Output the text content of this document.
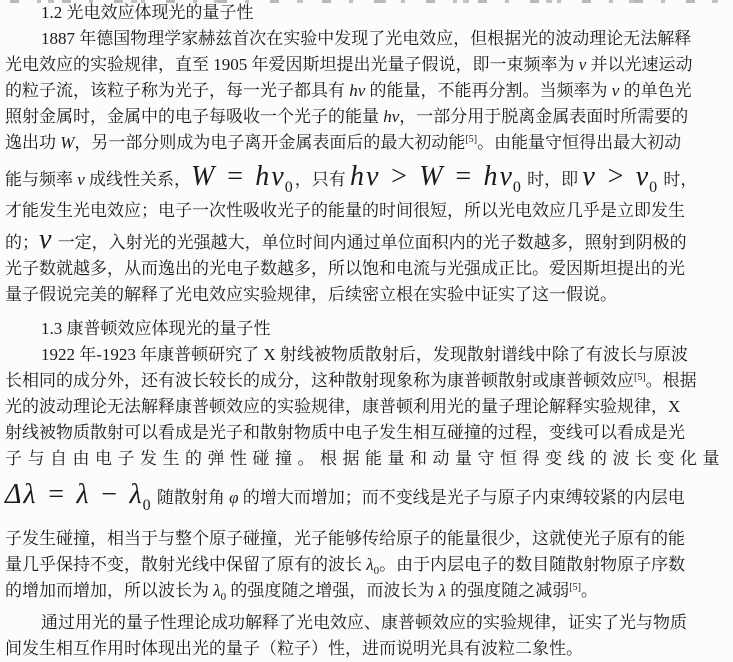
1.2 光电效应体现光的量子性
1887 年德国物理学家赫兹首次在实验中发现了光电效应，但根据光的波动理论无法解释
光电效应的实验规律，直至 1905 年爱因斯坦提出光量子假说，即一束频率为 v 并以光速运动
的粒子流，该粒子称为光子，每一光子都具有 hv 的能量，不能再分割。当频率为 v 的单色光
照射金属时，金属中的电子每吸收一个光子的能量 hv，一部分用于脱离金属表面时所需要的
逸出功 W，另一部分则成为电子离开金属表面后的最大初动能[5]。由能量守恒得出最大初动
能与频率 v 成线性关系，W = hv0 ，只有 hv > W = hv0 时，即 v > v0 时，
才能发生光电效应；电子一次性吸收光子的能量的时间很短，所以光电效应几乎是立即发生
的；v 一定，入射光的光强越大，单位时间内通过单位面积内的光子数越多，照射到阴极的
光子数就越多，从而逸出的光电子数越多，所以饱和电流与光强成正比。爱因斯坦提出的光
量子假说完美的解释了光电效应实验规律，后续密立根在实验中证实了这一假说。
1.3 康普顿效应体现光的量子性
1922 年-1923 年康普顿研究了 X 射线被物质散射后，发现散射谱线中除了有波长与原波
长相同的成分外，还有波长较长的成分，这种散射现象称为康普顿散射或康普顿效应[5]。根据
光的波动理论无法解释康普顿效应的实验规律，康普顿利用光的量子理论解释实验规律，X
射线被物质散射可以看成是光子和散射物质中电子发生相互碰撞的过程，变线可以看成是光
子与自由电子发生的弹性碰撞。根据能量和动量守恒得变线的波长变化量
Δλ = λ − λ0 随散射角 φ 的增大而增加；而不变线是光子与原子内束缚较紧的内层电
子发生碰撞，相当于与整个原子碰撞，光子能够传给原子的能量很少，这就使光子原有的能
量几乎保持不变，散射光线中保留了原有的波长 $\lambda_0$。由于内层电子的数目随散射物原子序数
的增加而增加，所以波长为 $\lambda_0$ 的强度随之增强，而波长为 λ 的强度随之减弱[5]。
通过用光的量子性理论成功解释了光电效应、康普顿效应的实验规律，证实了光与物质
间发生相互作用时体现出光的量子（粒子）性，进而说明光具有波粒二象性。
